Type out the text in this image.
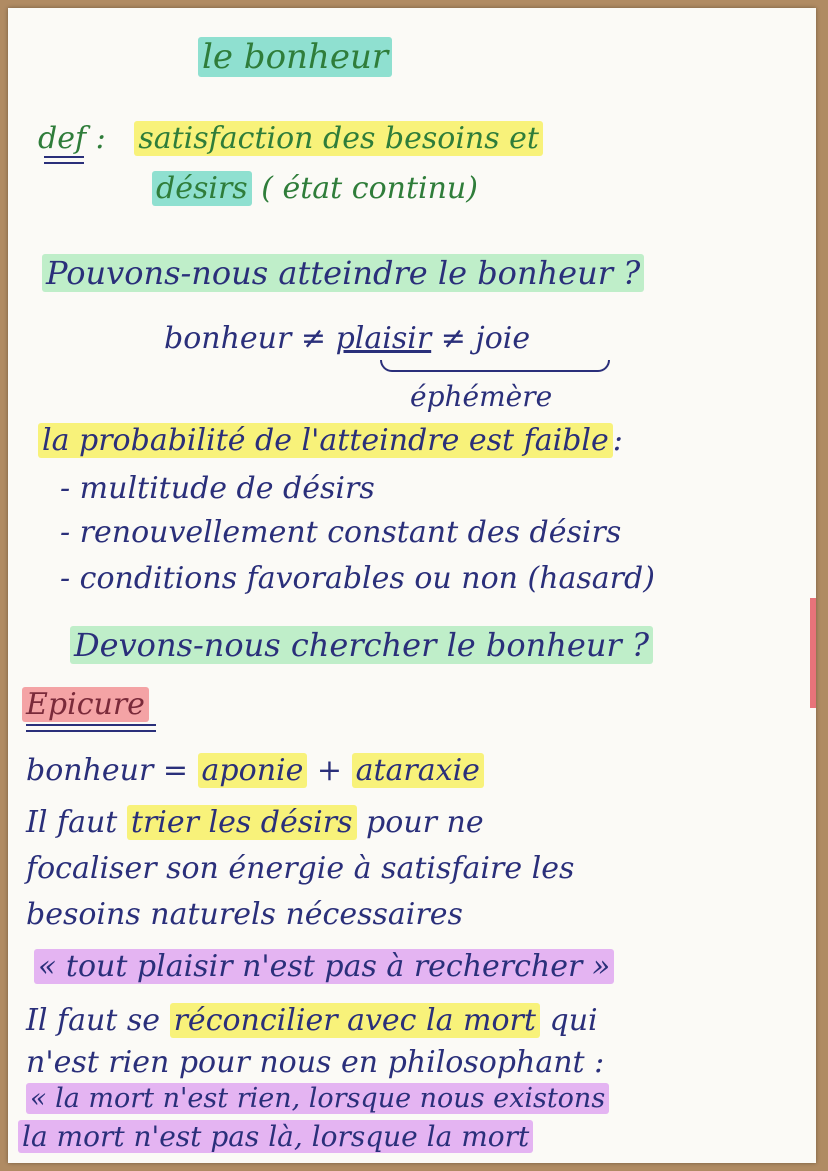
le bonheur
def :   satisfaction des besoins et
désirs ( état continu)
Pouvons-nous atteindre le bonheur ?
bonheur ≠ plaisir ≠ joie
éphémère
la probabilité de l'atteindre est faible :
- multitude de désirs
- renouvellement constant des désirs
- conditions favorables ou non (hasard)
Devons-nous chercher le bonheur ?
Epicure
bonheur = aponie + ataraxie
Il faut trier les désirs pour ne
focaliser son énergie à satisfaire les
besoins naturels nécessaires
« tout plaisir n'est pas à rechercher »
Il faut se réconcilier avec la mort qui
n'est rien pour nous en philosophant :
« la mort n'est rien, lorsque nous existons
la mort n'est pas là, lorsque la mort
